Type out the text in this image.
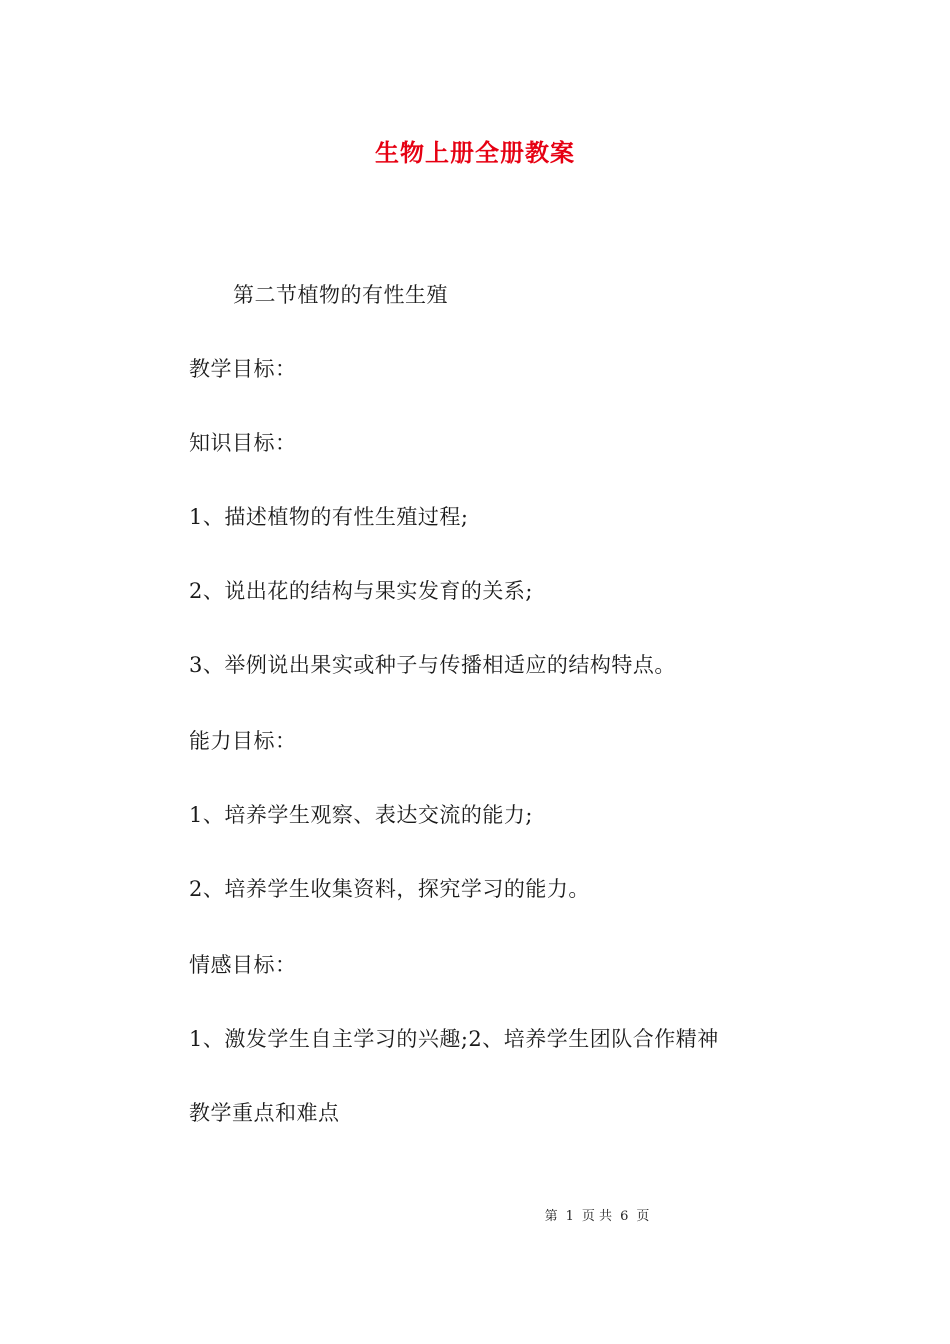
生物上册全册教案
第二节植物的有性生殖
教学目标：
知识目标：
1、描述植物的有性生殖过程;
2、说出花的结构与果实发育的关系;
3、举例说出果实或种子与传播相适应的结构特点。
能力目标：
1、培养学生观察、表达交流的能力;
2、培养学生收集资料，探究学习的能力。
情感目标：
1、激发学生自主学习的兴趣;2、培养学生团队合作精神
教学重点和难点
第 1 页 共 6 页
